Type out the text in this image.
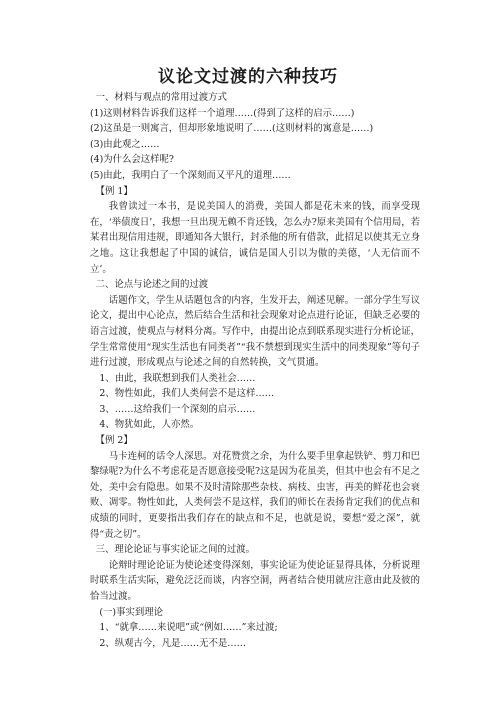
议论文过渡的六种技巧
一、材料与观点的常用过渡方式
(1)这则材料告诉我们这样一个道理……(得到了这样的启示……)
(2)这虽是一则寓言，但却形象地说明了……(这则材料的寓意是……)
(3)由此观之……
(4)为什么会这样呢?
(5)由此，我明白了一个深刻而又平凡的道理……
【例 1】
我曾读过一本书，是说美国人的消费，美国人都是花未来的钱，而享受现在，‘举债度日’，我想一旦出现无赖不肯还钱，怎么办?原来美国有个信用局，若某君出现信用违规，即通知各大银行，封杀他的所有借款，此招足以使其无立身之地。这让我想起了中国的诚信，诚信是国人引以为傲的美德，‘人无信而不立’。
二、论点与论述之间的过渡
话题作文，学生从话题包含的内容，生发开去，阐述见解。一部分学生写议论文，提出中心论点，然后结合生活和社会现象对论点进行论证，但缺乏必要的语言过渡，使观点与材料分离。写作中，由提出论点到联系现实进行分析论证，学生常常使用“现实生活也有同类者”“我不禁想到现实生活中的同类现象”等句子进行过渡，形成观点与论述之间的自然转换，文气贯通。
1、由此，我联想到我们人类社会……
2、物性如此，我们人类何尝不是这样……
3、……这给我们一个深刻的启示……
4、物犹如此，人亦然。
【例 2】
马卡连柯的话令人深思。对花赞赏之余，为什么要手里拿起铁铲、剪刀和巴黎绿呢?为什么不考虑花是否愿意接受呢?这是因为花虽美，但其中也会有不足之处，美中会有隐患。如果不及时清除那些杂枝、病枝、虫害，再美的鲜花也会衰败、凋零。物性如此，人类何尝不是这样，我们的师长在表扬肯定我们的优点和成绩的同时，更要指出我们存在的缺点和不足，也就是说，要想“爱之深”，就得“责之切”。
三、理论论证与事实论证之间的过渡。
论辩时理论论证为使论述变得深刻，事实论证为使论证显得具体，分析说理时联系生活实际，避免泛泛而谈，内容空洞，两者结合使用就应注意由此及彼的恰当过渡。
(一)事实到理论
1、“就拿……来说吧”或“例如……”来过渡;
2、纵观古今，凡是……无不是……
